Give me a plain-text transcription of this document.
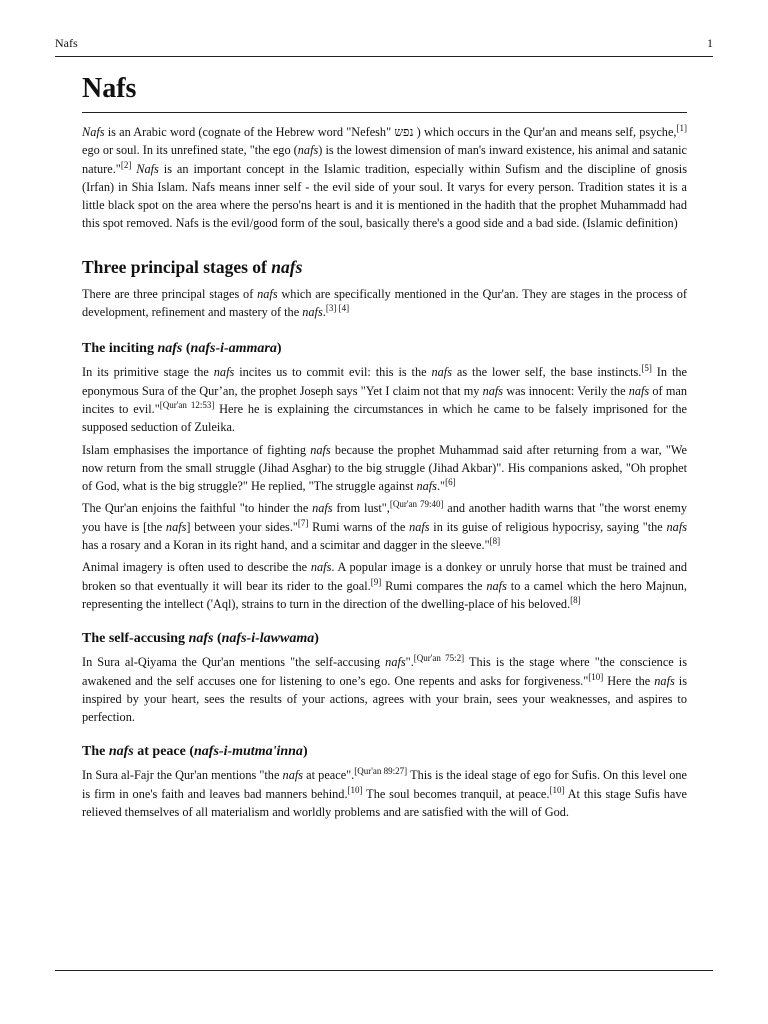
Nafs	1
Nafs

Nafs is an Arabic word (cognate of the Hebrew word "Nefesh" נפש ) which occurs in the Qur'an and means self, psyche,[1] ego or soul. In its unrefined state, "the ego (nafs) is the lowest dimension of man's inward existence, his animal and satanic nature."[2] Nafs is an important concept in the Islamic tradition, especially within Sufism and the discipline of gnosis (Irfan) in Shia Islam. Nafs means inner self - the evil side of your soul. It varys for every person. Tradition states it is a little black spot on the area where the perso'ns heart is and it is mentioned in the hadith that the prophet Muhammadd had this spot removed. Nafs is the evil/good form of the soul, basically there's a good side and a bad side. (Islamic definition)

Three principal stages of nafs

There are three principal stages of nafs which are specifically mentioned in the Qur'an. They are stages in the process of development, refinement and mastery of the nafs.[3] [4]

The inciting nafs (nafs-i-ammara)

In its primitive stage the nafs incites us to commit evil: this is the nafs as the lower self, the base instincts.[5] In the eponymous Sura of the Qur’an, the prophet Joseph says "Yet I claim not that my nafs was innocent: Verily the nafs of man incites to evil."[Qur'an 12:53] Here he is explaining the circumstances in which he came to be falsely imprisoned for the supposed seduction of Zuleika.

Islam emphasises the importance of fighting nafs because the prophet Muhammad said after returning from a war, "We now return from the small struggle (Jihad Asghar) to the big struggle (Jihad Akbar)". His companions asked, "Oh prophet of God, what is the big struggle?" He replied, "The struggle against nafs."[6]

The Qur'an enjoins the faithful "to hinder the nafs from lust",[Qur'an 79:40] and another hadith warns that "the worst enemy you have is [the nafs] between your sides."[7] Rumi warns of the nafs in its guise of religious hypocrisy, saying "the nafs has a rosary and a Koran in its right hand, and a scimitar and dagger in the sleeve."[8]

Animal imagery is often used to describe the nafs. A popular image is a donkey or unruly horse that must be trained and broken so that eventually it will bear its rider to the goal.[9] Rumi compares the nafs to a camel which the hero Majnun, representing the intellect ('Aql), strains to turn in the direction of the dwelling-place of his beloved.[8]

The self-accusing nafs (nafs-i-lawwama)

In Sura al-Qiyama the Qur'an mentions "the self-accusing nafs".[Qur'an 75:2] This is the stage where "the conscience is awakened and the self accuses one for listening to one’s ego. One repents and asks for forgiveness."[10] Here the nafs is inspired by your heart, sees the results of your actions, agrees with your brain, sees your weaknesses, and aspires to perfection.

The nafs at peace (nafs-i-mutma'inna)

In Sura al-Fajr the Qur'an mentions "the nafs at peace".[Qur'an 89:27] This is the ideal stage of ego for Sufis. On this level one is firm in one's faith and leaves bad manners behind.[10] The soul becomes tranquil, at peace.[10] At this stage Sufis have relieved themselves of all materialism and worldly problems and are satisfied with the will of God.
